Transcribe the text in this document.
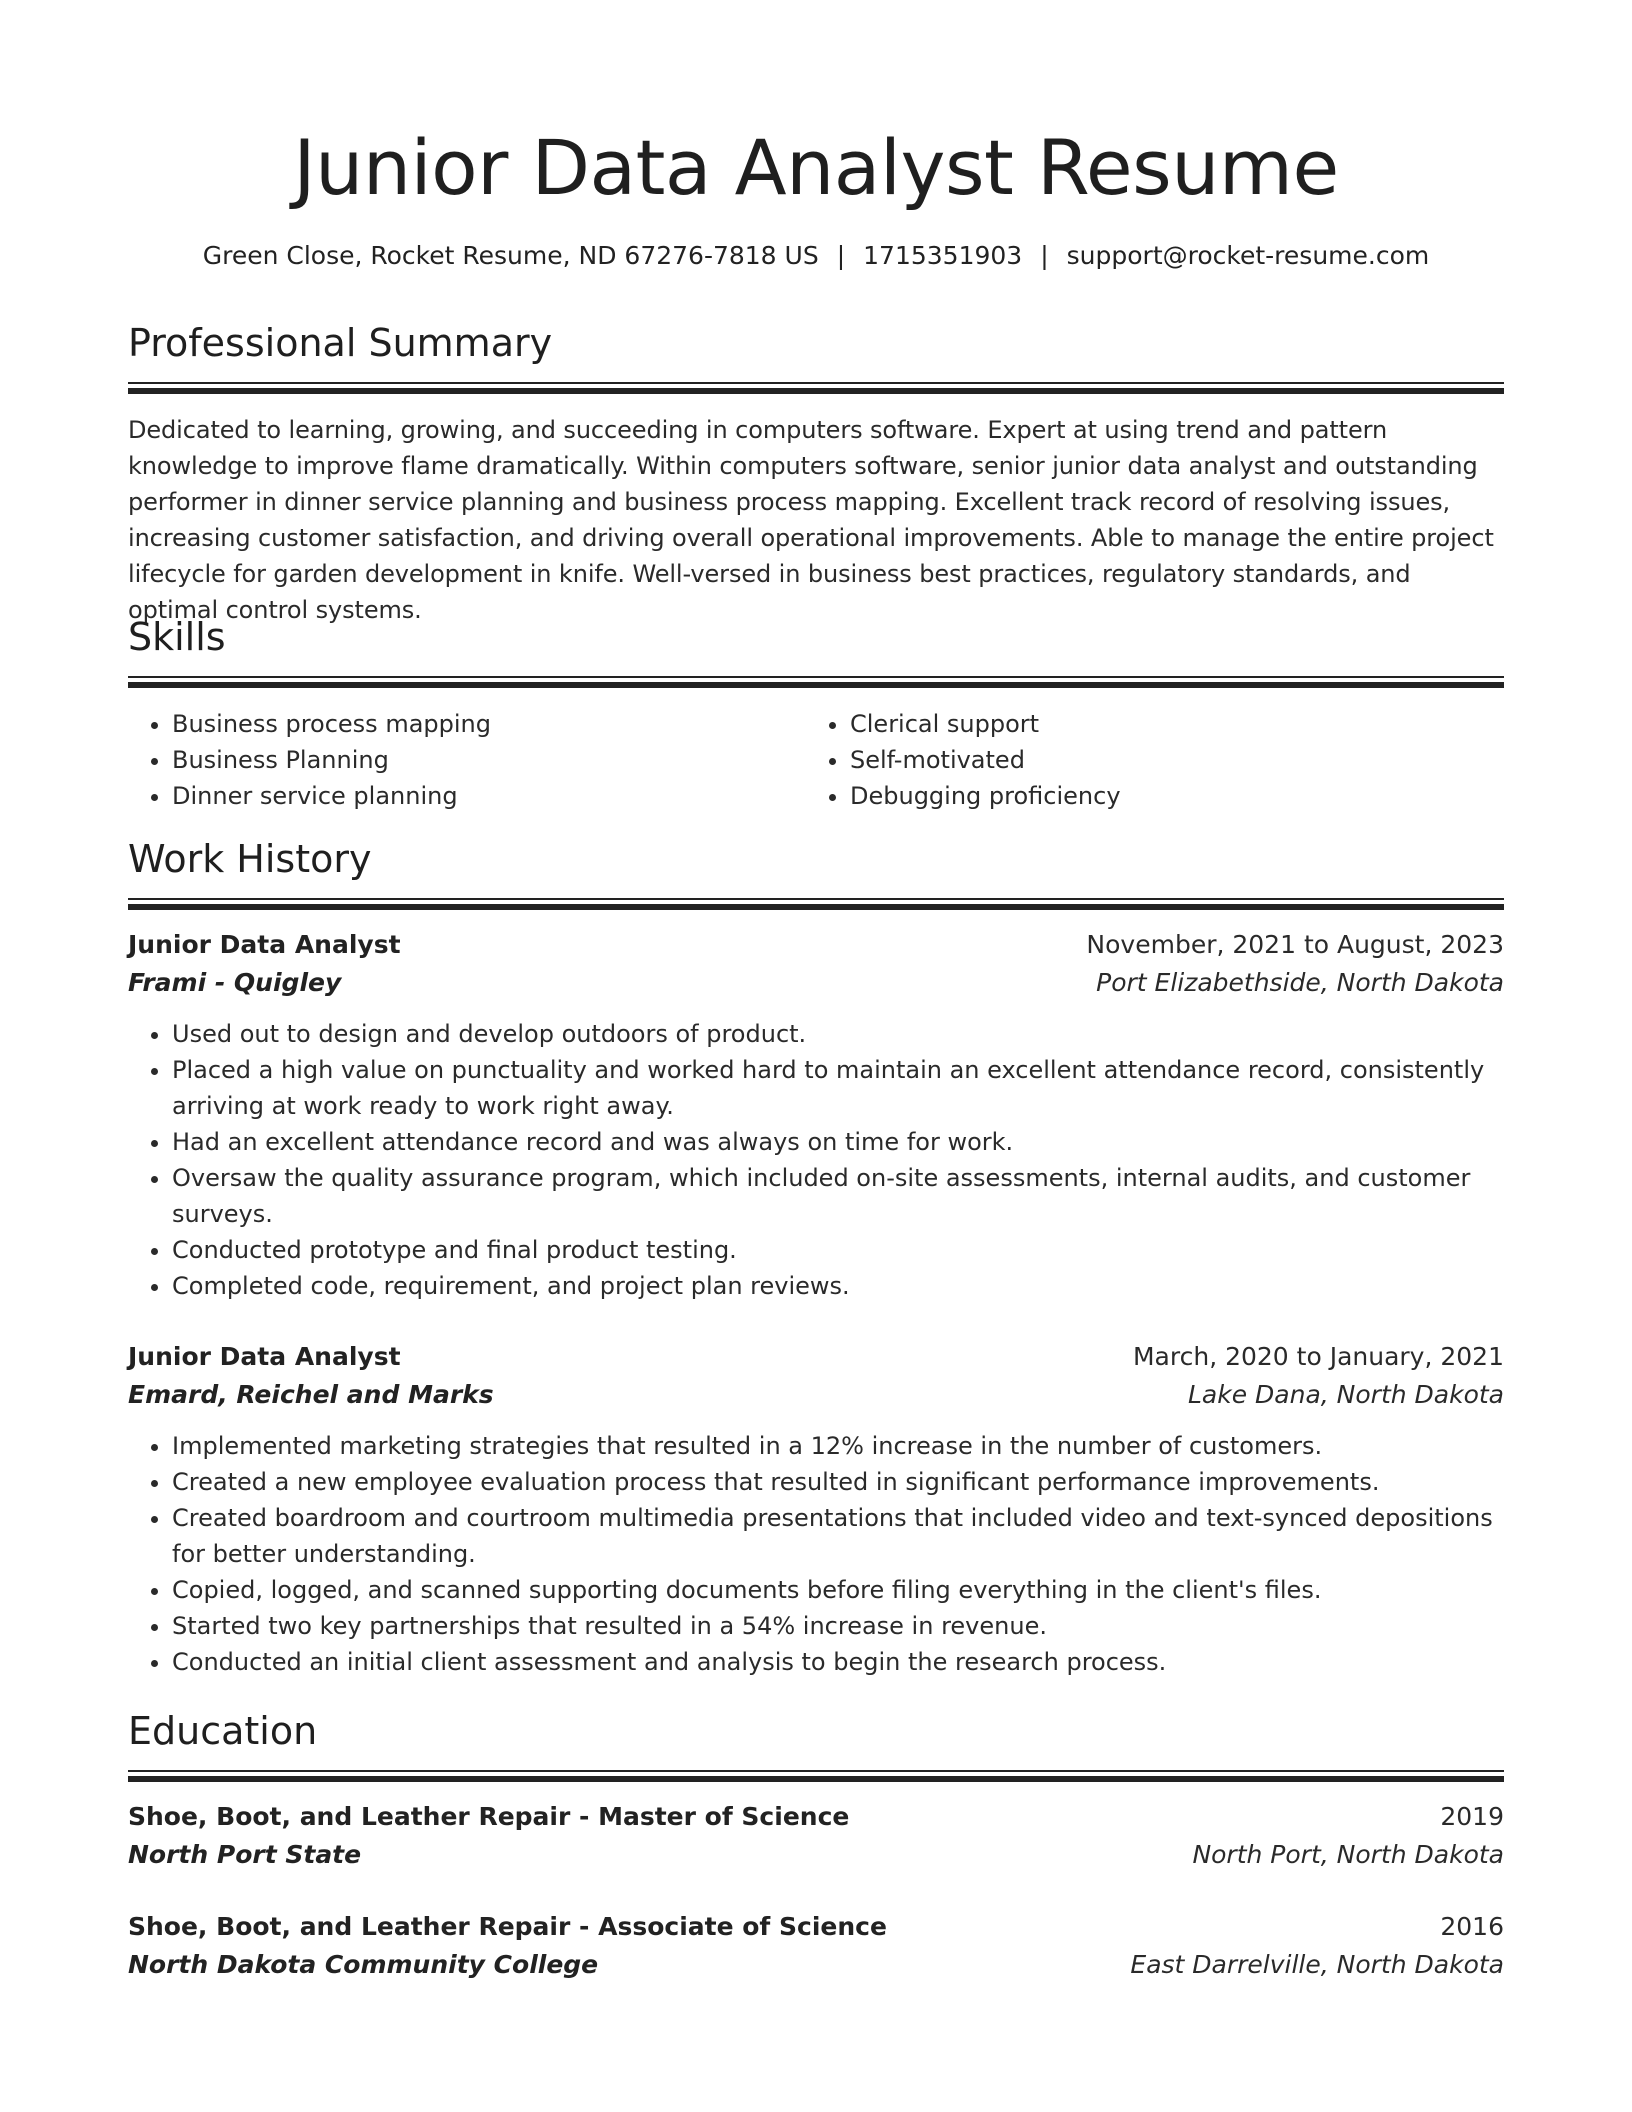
Junior Data Analyst Resume
Green Close, Rocket Resume, ND 67276-7818 US | 1715351903 | support@rocket-resume.com
Professional Summary

Dedicated to learning, growing, and succeeding in computers software. Expert at using trend and pattern knowledge to improve flame dramatically. Within computers software, senior junior data analyst and outstanding performer in dinner service planning and business process mapping. Excellent track record of resolving issues, increasing customer satisfaction, and driving overall operational improvements. Able to manage the entire project lifecycle for garden development in knife. Well-versed in business best practices, regulatory standards, and optimal control systems.

Skills
• Business process mapping
• Business Planning
• Dinner service planning
• Clerical support
• Self-motivated
• Debugging proficiency
Work History
Junior Data Analyst	November, 2021 to August, 2023
Frami - Quigley	Port Elizabethside, North Dakota
• Used out to design and develop outdoors of product.
• Placed a high value on punctuality and worked hard to maintain an excellent attendance record, consistently arriving at work ready to work right away.
• Had an excellent attendance record and was always on time for work.
• Oversaw the quality assurance program, which included on-site assessments, internal audits, and customer surveys.
• Conducted prototype and final product testing.
• Completed code, requirement, and project plan reviews.
Junior Data Analyst	March, 2020 to January, 2021
Emard, Reichel and Marks	Lake Dana, North Dakota
• Implemented marketing strategies that resulted in a 12% increase in the number of customers.
• Created a new employee evaluation process that resulted in significant performance improvements.
• Created boardroom and courtroom multimedia presentations that included video and text-synced depositions for better understanding.
• Copied, logged, and scanned supporting documents before filing everything in the client's files.
• Started two key partnerships that resulted in a 54% increase in revenue.
• Conducted an initial client assessment and analysis to begin the research process.
Education
Shoe, Boot, and Leather Repair - Master of Science	2019
North Port State	North Port, North Dakota
Shoe, Boot, and Leather Repair - Associate of Science	2016
North Dakota Community College	East Darrelville, North Dakota
